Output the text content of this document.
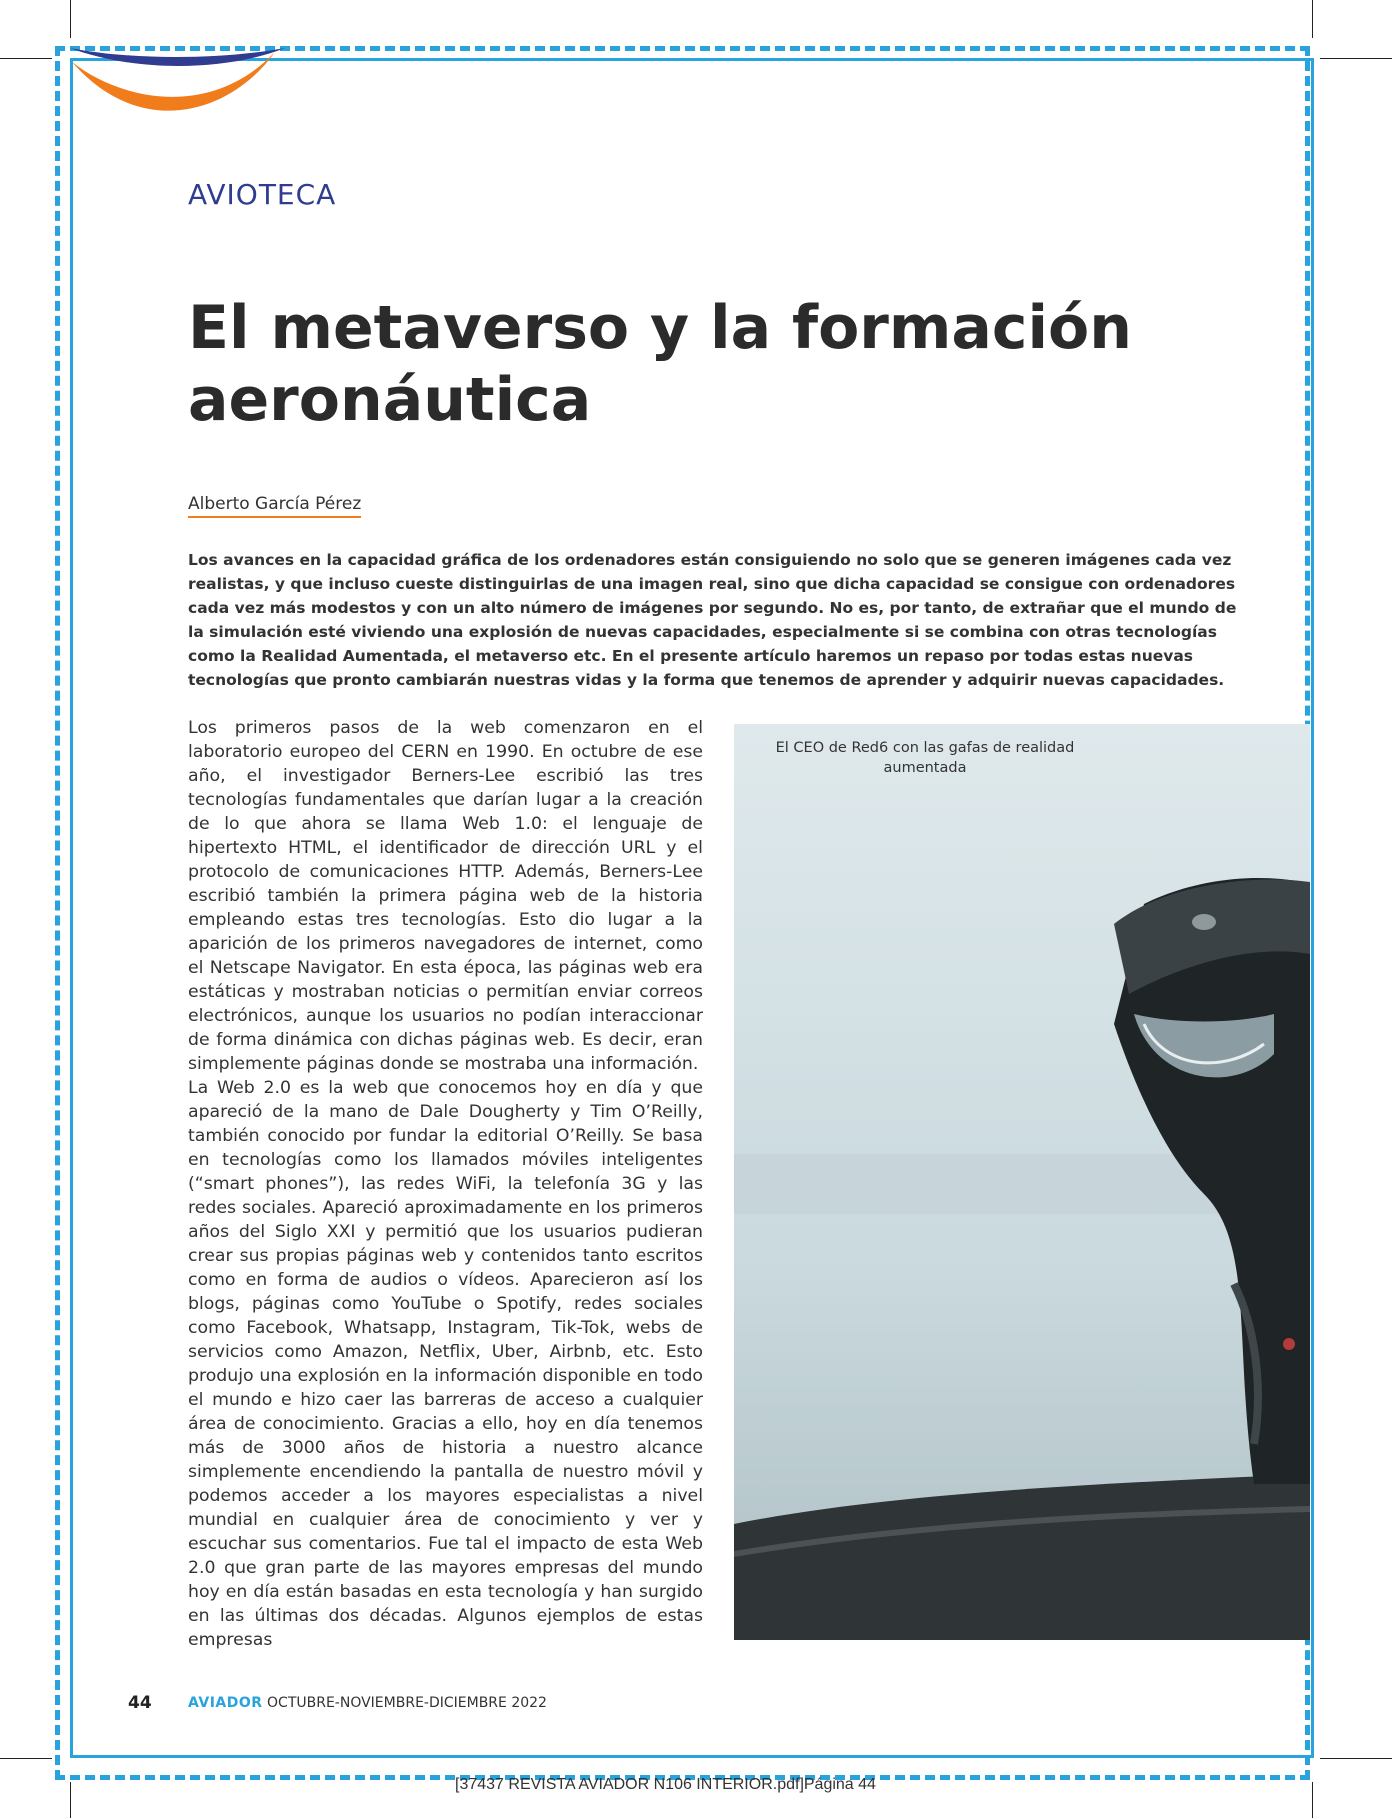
AVIOTECA
El metaverso y la formación
aeronáutica
Alberto García Pérez
Los avances en la capacidad gráfica de los ordenadores están consiguiendo no solo que se generen imágenes cada vez realistas, y que incluso cueste distinguirlas de una imagen real, sino que dicha capacidad se consigue con ordenadores cada vez más modestos y con un alto número de imágenes por segundo. No es, por tanto, de extrañar que el mundo de la simulación esté viviendo una explosión de nuevas capacidades, especialmente si se combina con otras tecnologías como la Realidad Aumentada, el metaverso etc. En el presente artículo haremos un repaso por todas estas nuevas tecnologías que pronto cambiarán nuestras vidas y la forma que tenemos de aprender y adquirir nuevas capacidades.

Los primeros pasos de la web comenzaron en el laboratorio europeo del CERN en 1990. En octubre de ese año, el investigador Berners-Lee escribió las tres tecnologías fundamentales que darían lugar a la creación de lo que ahora se llama Web 1.0: el lenguaje de hipertexto HTML, el identificador de dirección URL y el protocolo de comunicaciones HTTP. Además, Berners-Lee escribió también la primera página web de la historia empleando estas tres tecnologías. Esto dio lugar a la aparición de los primeros navegadores de internet, como el Netscape Navigator. En esta época, las páginas web era estáticas y mostraban noticias o permitían enviar correos electrónicos, aunque los usuarios no podían interaccionar de forma dinámica con dichas páginas web. Es decir, eran simplemente páginas donde se mostraba una información.

La Web 2.0 es la web que conocemos hoy en día y que apareció de la mano de Dale Dougherty y Tim O’Reilly, también conocido por fundar la editorial O’Reilly. Se basa en tecnologías como los llamados móviles inteligentes (“smart phones”), las redes WiFi, la telefonía 3G y las redes sociales. Apareció aproximadamente en los primeros años del Siglo XXI y permitió que los usuarios pudieran crear sus propias páginas web y contenidos tanto escritos como en forma de audios o vídeos. Aparecieron así los blogs, páginas como YouTube o Spotify, redes sociales como Facebook, Whatsapp, Instagram, Tik-Tok, webs de servicios como Amazon, Netflix, Uber, Airbnb, etc. Esto produjo una explosión en la información disponible en todo el mundo e hizo caer las barreras de acceso a cualquier área de conocimiento. Gracias a ello, hoy en día tenemos más de 3000 años de historia a nuestro alcance simplemente encendiendo la pantalla de nuestro móvil y podemos acceder a los mayores especialistas a nivel mundial en cualquier área de conocimiento y ver y escuchar sus comentarios. Fue tal el impacto de esta Web 2.0 que gran parte de las mayores empresas del mundo hoy en día están basadas en esta tecnología y han surgido en las últimas dos décadas. Algunos ejemplos de estas empresas

El CEO de Red6 con las gafas de realidad aumentada
44	AVIADOR OCTUBRE-NOVIEMBRE-DICIEMBRE 2022
[37437 REVISTA AVIADOR N106 INTERIOR.pdf]Página 44
